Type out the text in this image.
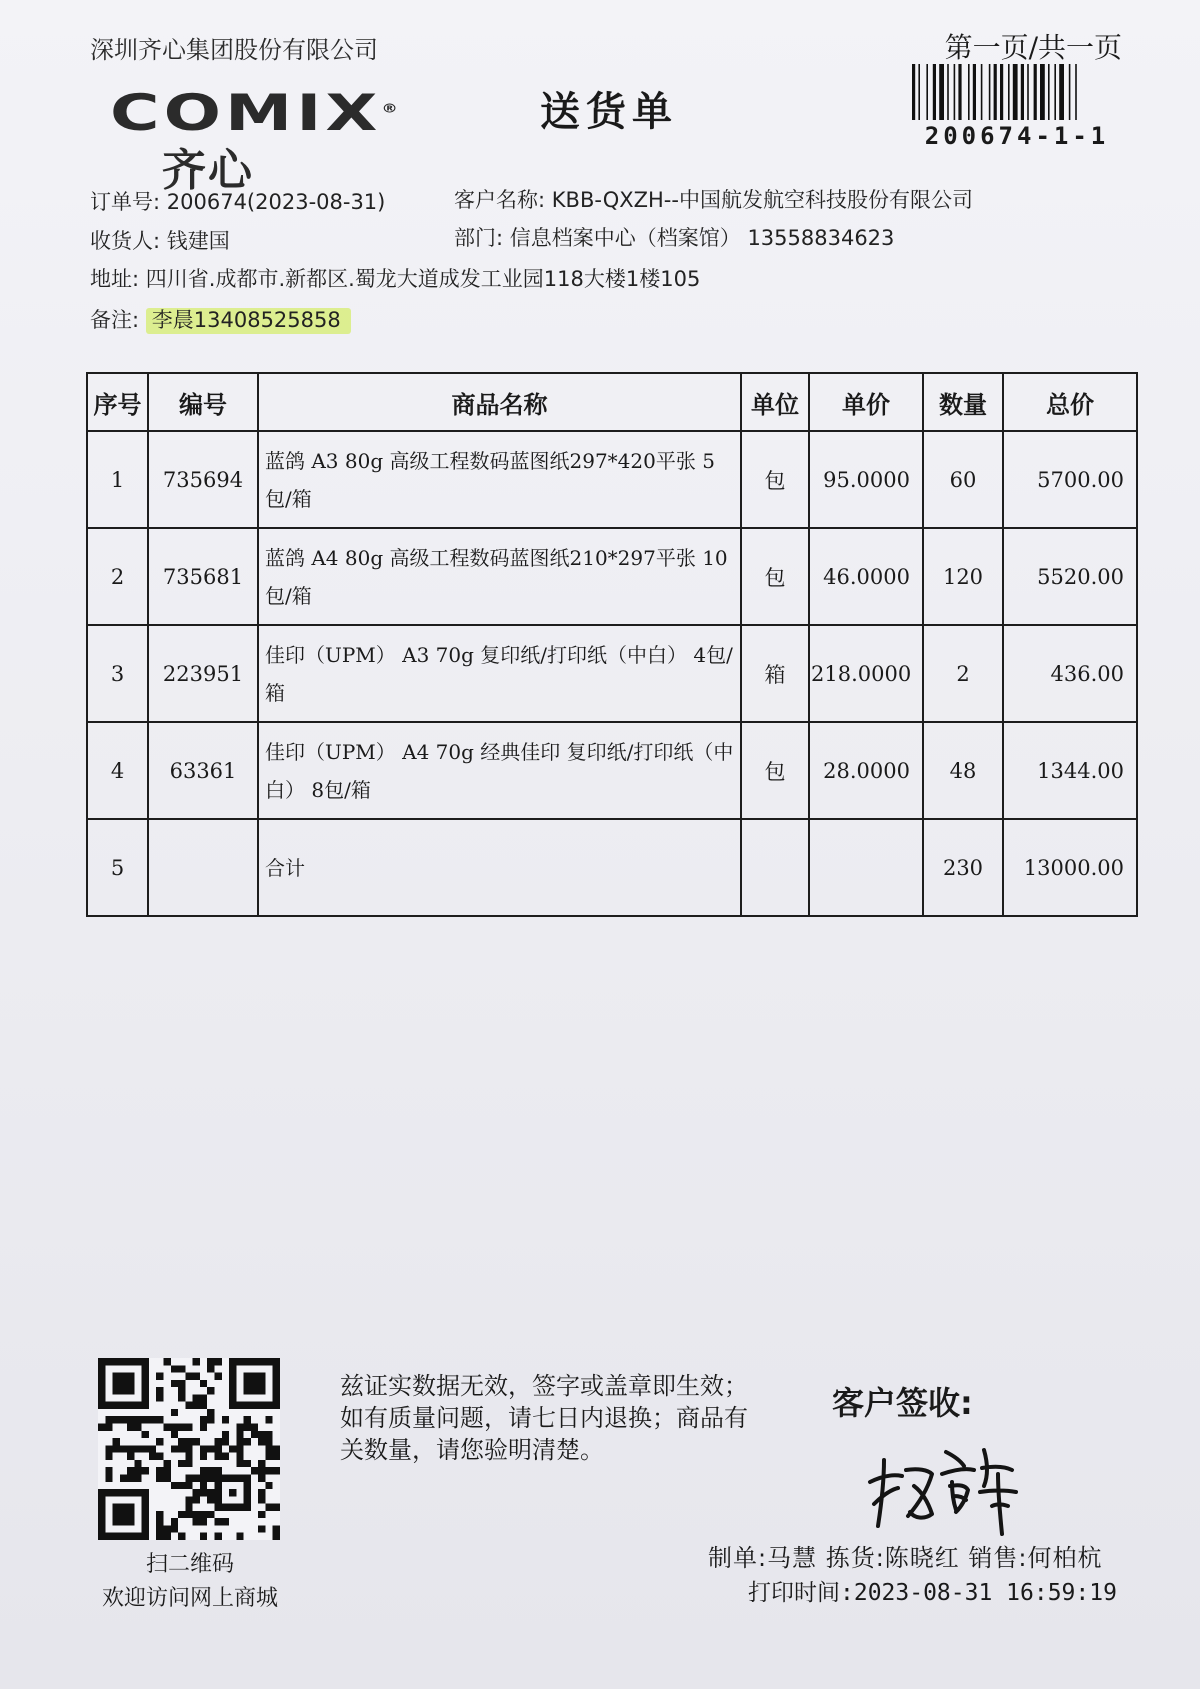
深圳齐心集团股份有限公司	第一页/共一页
200674-1-1
COMIX®
齐心
送货单
订单号: 200674(2023-08-31)	客户名称: KBB-QXZH--中国航发航空科技股份有限公司
收货人: 钱建国	部门: 信息档案中心（档案馆） 13558834623
地址: 四川省.成都市.新都区.蜀龙大道成发工业园118大楼1楼105
备注: 李晨13408525858
序号	编号	商品名称	单位	单价	数量	总价
1	735694	蓝鸽 A3 80g 高级工程数码蓝图纸297*420平张 5包/箱	包	95.0000	60	5700.00
2	735681	蓝鸽 A4 80g 高级工程数码蓝图纸210*297平张 10包/箱	包	46.0000	120	5520.00
3	223951	佳印（UPM） A3 70g 复印纸/打印纸（中白） 4包/箱	箱	218.0000	2	436.00
4	63361	佳印（UPM） A4 70g 经典佳印 复印纸/打印纸（中白） 8包/箱	包	28.0000	48	1344.00
5		合计			230	13000.00
扫二维码
欢迎访问网上商城
兹证实数据无效，签字或盖章即生效；如有质量问题，请七日内退换；商品有关数量，请您验明清楚。
客户签收:
制单:马慧 拣货:陈晓红 销售:何柏杭
打印时间:2023-08-31 16:59:19
